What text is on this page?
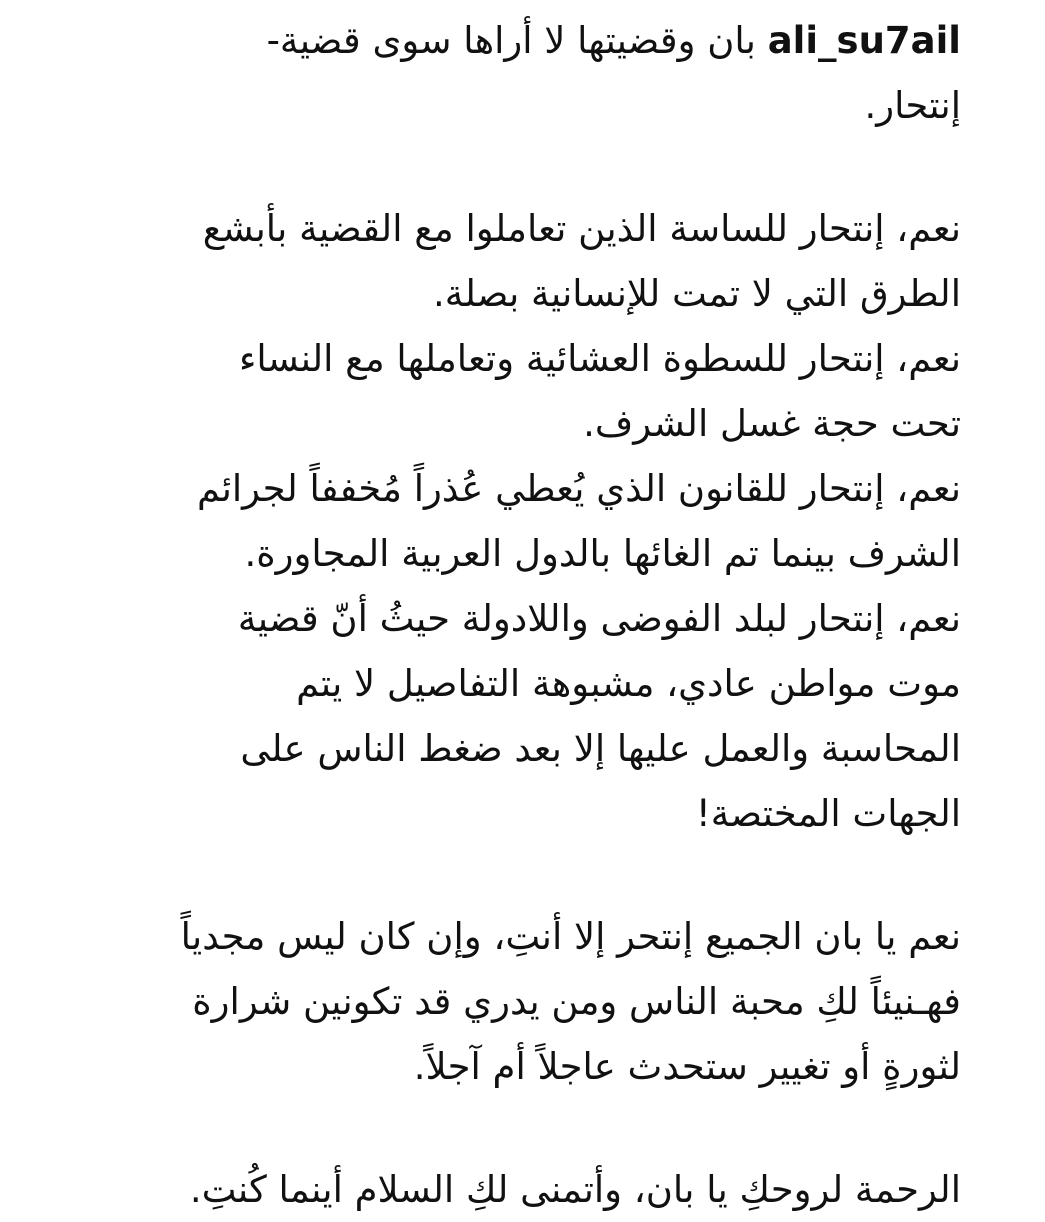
ali_su7ail بان وقضيتها لا أراها سوى قضية-
إنتحار.
نعم، إنتحار للساسة الذين تعاملوا مع القضية بأبشع
الطرق التي لا تمت للإنسانية بصلة.
نعم، إنتحار للسطوة العشائية وتعاملها مع النساء
تحت حجة غسل الشرف.
نعم، إنتحار للقانون الذي يُعطي عُذراً مُخففاً لجرائم
الشرف بينما تم الغائها بالدول العربية المجاورة.
نعم، إنتحار لبلد الفوضى واللادولة حيثُ أنّ قضية
موت مواطن عادي، مشبوهة التفاصيل لا يتم
المحاسبة والعمل عليها إلا بعد ضغط الناس على
الجهات المختصة!
نعم يا بان الجميع إنتحر إلا أنتِ، وإن كان ليس مجدياً
فهـنيئاً لكِ محبة الناس ومن يدري قد تكونين شرارة
لثورةٍ أو تغيير ستحدث عاجلاً أم آجلاً.
الرحمة لروحكِ يا بان، وأتمنى لكِ السلام أينما كُنتِ.
